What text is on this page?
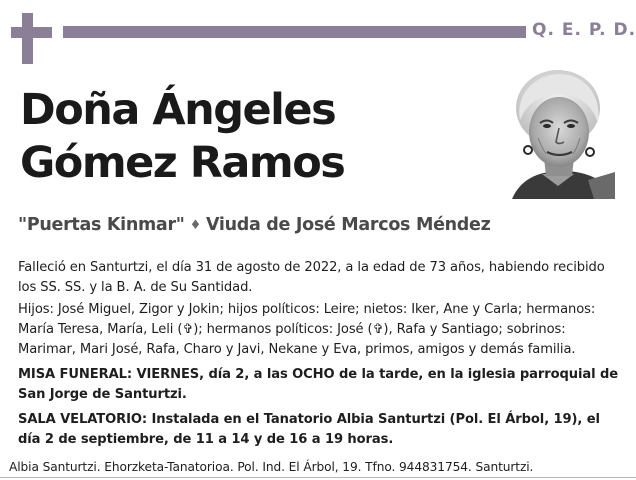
Q. E. P. D.
Doña Ángeles
Gómez Ramos
"Puertas Kinmar" ♦ Viuda de José Marcos Méndez
Falleció en Santurtzi, el día 31 de agosto de 2022, a la edad de 73 años, habiendo recibido los SS. SS. y la B. A. de Su Santidad.
Hijos: José Miguel, Zigor y Jokin; hijos políticos: Leire; nietos: Iker, Ane y Carla; hermanos: María Teresa, María, Leli (✞); hermanos políticos: José (✞), Rafa y Santiago; sobrinos: Marimar, Mari José, Rafa, Charo y Javi, Nekane y Eva, primos, amigos y demás familia.
MISA FUNERAL: VIERNES, día 2, a las OCHO de la tarde, en la iglesia parroquial de San Jorge de Santurtzi.
SALA VELATORIO: Instalada en el Tanatorio Albia Santurtzi (Pol. El Árbol, 19), el día 2 de septiembre, de 11 a 14 y de 16 a 19 horas.
Albia Santurtzi. Ehorzketa-Tanatorioa. Pol. Ind. El Árbol, 19. Tfno. 944831754. Santurtzi.
